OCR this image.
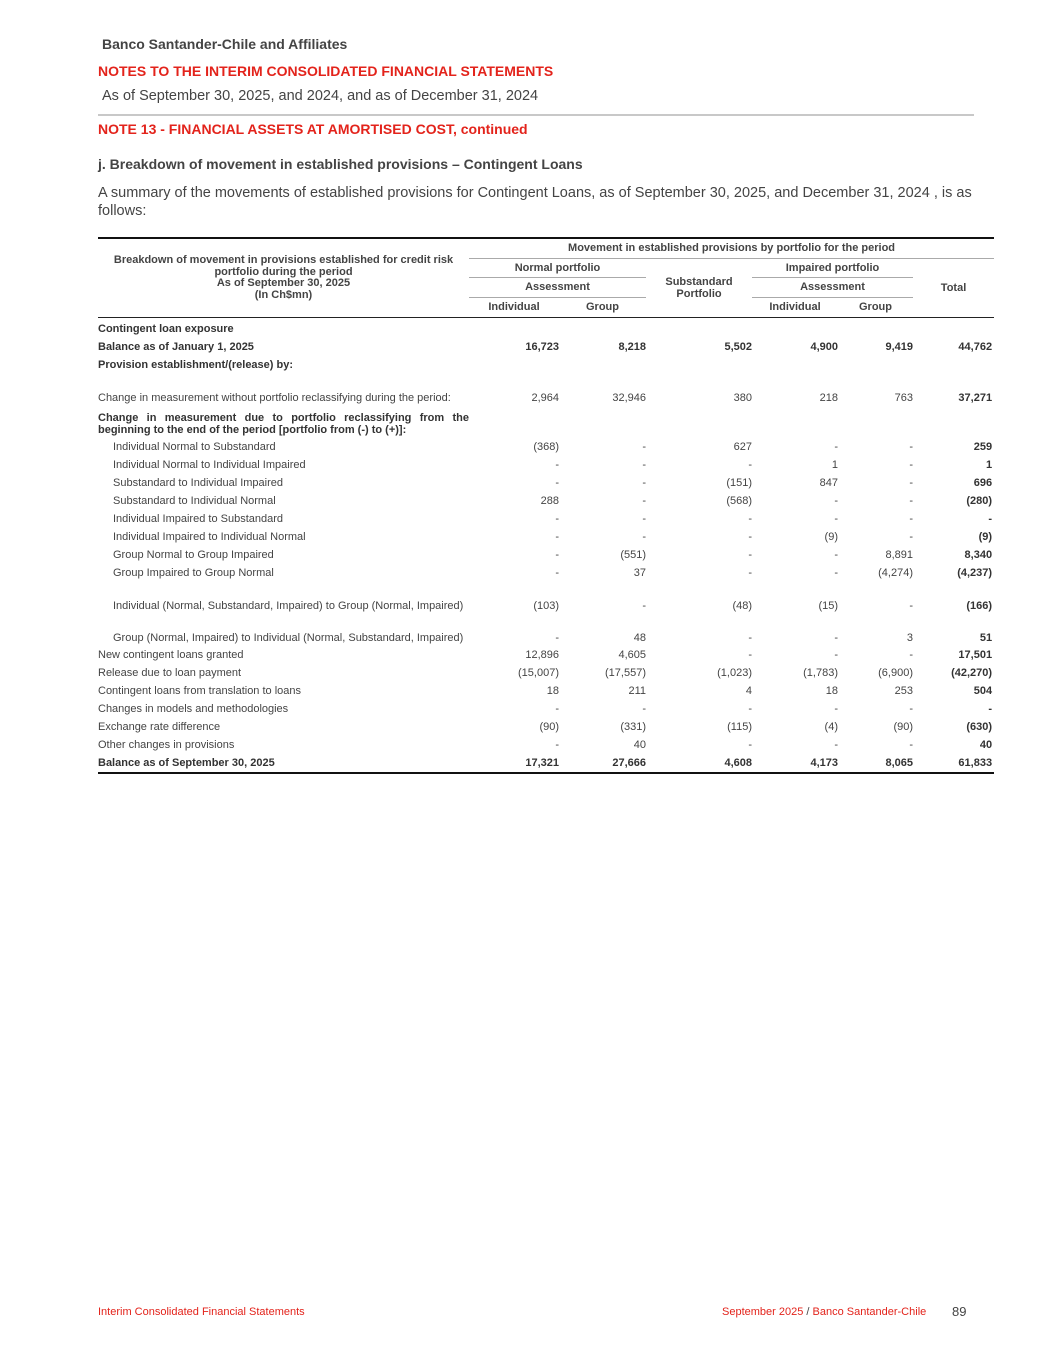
Banco Santander-Chile and Affiliates
NOTES TO THE INTERIM CONSOLIDATED FINANCIAL STATEMENTS
As of September 30, 2025, and 2024, and as of December 31, 2024
NOTE 13 - FINANCIAL ASSETS AT AMORTISED COST, continued
j. Breakdown of movement in established provisions – Contingent Loans
A summary of the movements of established provisions for Contingent Loans, as of September 30, 2025, and December 31, 2024 , is as follows:
Breakdown of movement in provisions established for credit risk portfolio during the period
As of September 30, 2025
(In Ch$mn)	Movement in established provisions by portfolio for the period					
	Normal portfolio		Substandard Portfolio	Impaired portfolio		Total
	Assessment			Assessment		
	Individual	Group		Individual	Group	

Contingent loan exposure						
Balance as of January 1, 2025	16,723	8,218	5,502	4,900	9,419	44,762
Provision establishment/(release) by:						
Change in measurement without portfolio reclassifying during the period:	2,964	32,946	380	218	763	37,271
Change in measurement due to portfolio reclassifying from the beginning to the end of the period [portfolio from (-) to (+)]:						
Individual Normal to Substandard	(368)	-	627	-	-	259
Individual Normal to Individual Impaired	-	-	-	1	-	1
Substandard to Individual Impaired	-	-	(151)	847	-	696
Substandard to Individual Normal	288	-	(568)	-	-	(280)
Individual Impaired to Substandard	-	-	-	-	-	-
Individual Impaired to Individual Normal	-	-	-	(9)	-	(9)
Group Normal to Group Impaired	-	(551)	-	-	8,891	8,340
Group Impaired to Group Normal	-	37	-	-	(4,274)	(4,237)
Individual (Normal, Substandard, Impaired) to Group (Normal, Impaired)	(103)	-	(48)	(15)	-	(166)
Group (Normal, Impaired) to Individual (Normal, Substandard, Impaired)	-	48	-	-	3	51
New contingent loans granted	12,896	4,605	-	-	-	17,501
Release due to loan payment	(15,007)	(17,557)	(1,023)	(1,783)	(6,900)	(42,270)
Contingent loans from translation to loans	18	211	4	18	253	504
Changes in models and methodologies	-	-	-	-	-	-
Exchange rate difference	(90)	(331)	(115)	(4)	(90)	(630)
Other changes in provisions	-	40	-	-	-	40
Balance as of September 30, 2025	17,321	27,666	4,608	4,173	8,065	61,833
Interim Consolidated Financial Statements	September 2025 / Banco Santander-Chile 89
